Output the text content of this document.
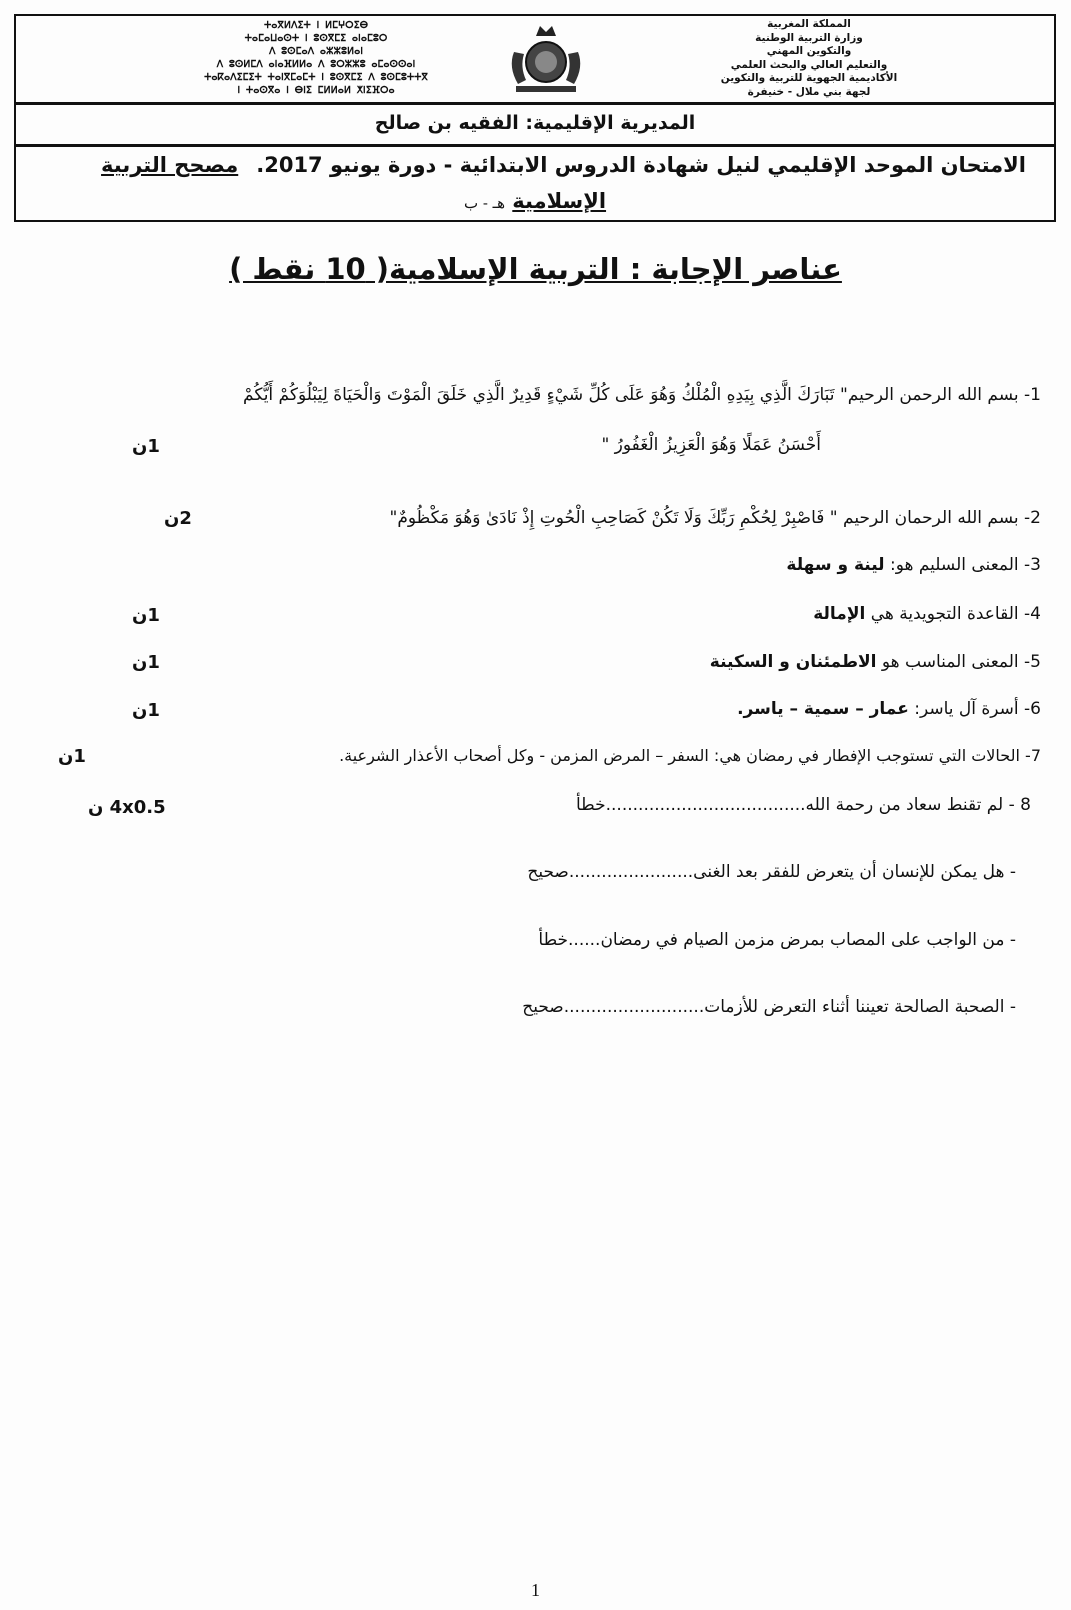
ⵜⴰⴳⵍⴷⵉⵜ ⵏ ⵍⵎⵖⵔⵉⴱ
ⵜⴰⵎⴰⵡⴰⵙⵜ ⵏ ⵓⵙⴳⵎⵉ ⴰⵏⴰⵎⵓⵔ
ⴷ ⵓⵙⵎⴰⴷ ⴰⵣⵣⵓⵍⴰⵏ
ⴷ ⵓⵙⵍⵎⴷ ⴰⵏⴰⴼⵍⵍⴰ ⴷ ⵓⵔⵣⵣⵓ ⴰⵎⴰⵙⵙⴰⵏ
ⵜⴰⴽⴰⴷⵉⵎⵉⵜ ⵜⴰⵏⴳⵎⴰⵎⵜ ⵏ ⵓⵙⴳⵎⵉ ⴷ ⵓⵙⵎⵓⵜⵜⴳ
ⵏ ⵜⴰⵙⴳⴰ ⵏ ⴱⵏⵉ ⵎⵍⵍⴰⵍ ⵅⵏⵉⴼⵔⴰ
المملكة المغربية
وزارة التربية الوطنية
والتكوين المهني
والتعليم العالي والبحث العلمي
الأكاديمية الجهوية للتربية والتكوين
لجهة بني ملال - خنيفرة
المديرية الإقليمية: الفقيه بن صالح
الامتحان الموحد الإقليمي لنيل شهادة الدروس الابتدائية - دورة يونيو 2017.مصحح التربية
الإسلامية هـ - ب
عناصر الإجابة : التربية الإسلامية( 10 نقط )
1- بسم الله الرحمن الرحيم" تَبَارَكَ الَّذِي بِيَدِهِ الْمُلْكُ وَهُوَ عَلَى كُلِّ شَيْءٍ قَدِيرٌ الَّذِي خَلَقَ الْمَوْتَ وَالْحَيَاةَ لِيَبْلُوَكُمْ أَيُّكُمْ
أَحْسَنُ عَمَلًا وَهُوَ الْعَزِيزُ الْغَفُورُ "
1ن
2- بسم الله الرحمان الرحيم " فَاصْبِرْ لِحُكْمِ رَبِّكَ وَلَا تَكُنْ كَصَاحِبِ الْحُوتِ إِذْ نَادَىٰ وَهُوَ مَكْظُومٌ"
2ن
3- المعنى السليم هو: لينة و سهلة
4- القاعدة التجويدية هي الإمالة
1ن
5- المعنى المناسب هو الاطمئنان و السكينة
1ن
6- أسرة آل ياسر: عمار – سمية – ياسر.
1ن
7- الحالات التي تستوجب الإفطار في رمضان هي: السفر – المرض المزمن - وكل أصحاب الأعذار الشرعية.
1ن
8 - لم تقنط سعاد من رحمة الله.....................................خطأ
4x0.5 ن
- هل يمكن للإنسان أن يتعرض للفقر بعد الغنى.......................صحيح
- من الواجب على المصاب بمرض مزمن الصيام في رمضان......خطأ
- الصحبة الصالحة تعيننا أثناء التعرض للأزمات..........................صحيح
1
